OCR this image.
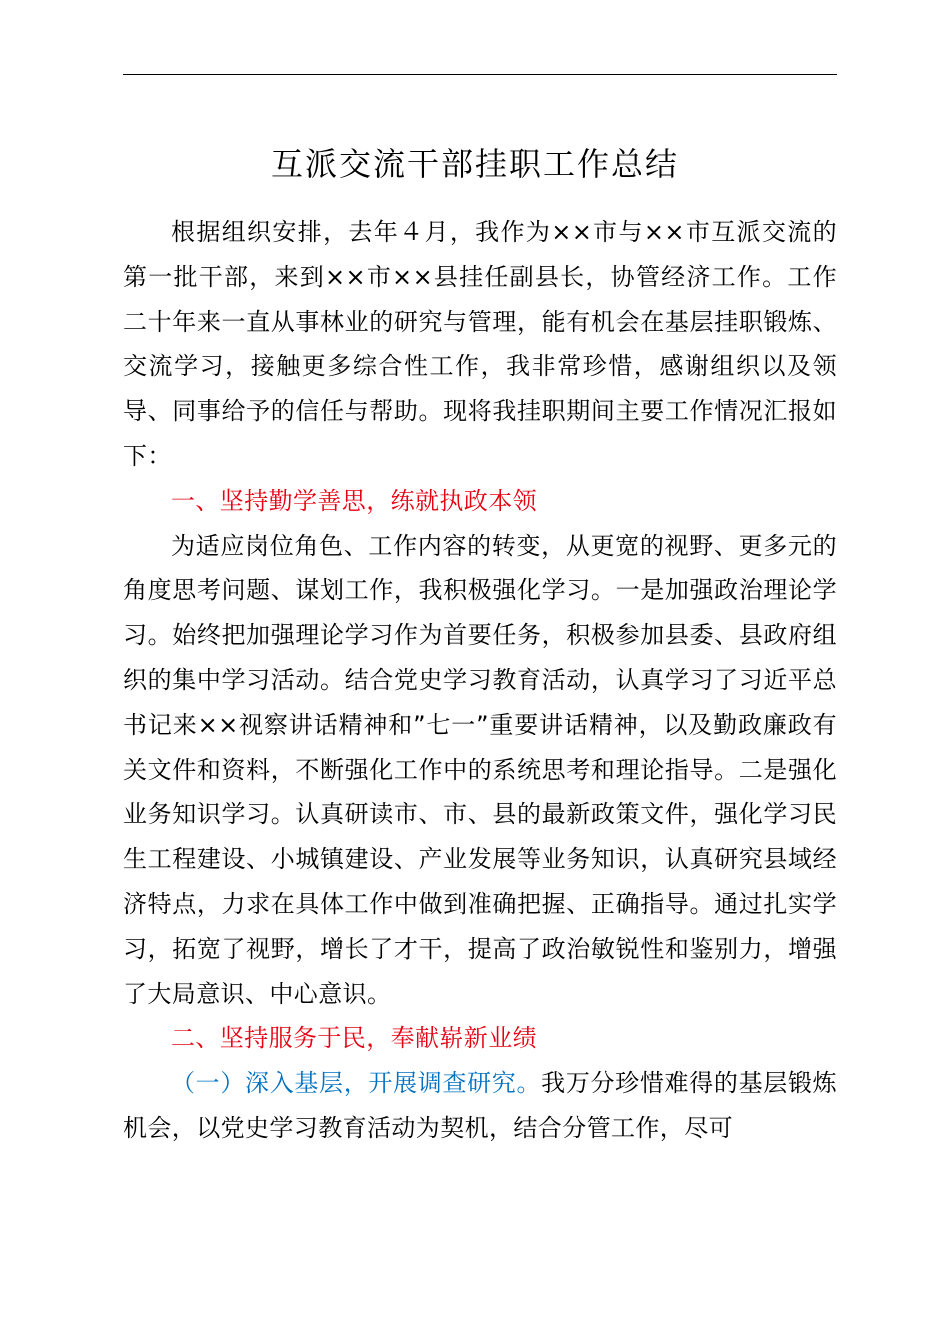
互派交流干部挂职工作总结

根据组织安排，去年４月，我作为××市与××市互派交流的第一批干部，来到××市××县挂任副县长，协管经济工作。工作二十年来一直从事林业的研究与管理，能有机会在基层挂职锻炼、交流学习，接触更多综合性工作，我非常珍惜，感谢组织以及领导、同事给予的信任与帮助。现将我挂职期间主要工作情况汇报如下：

一、坚持勤学善思，练就执政本领

为适应岗位角色、工作内容的转变，从更宽的视野、更多元的角度思考问题、谋划工作，我积极强化学习。一是加强政治理论学习。始终把加强理论学习作为首要任务，积极参加县委、县政府组织的集中学习活动。结合党史学习教育活动，认真学习了习近平总书记来××视察讲话精神和”七一”重要讲话精神，以及勤政廉政有关文件和资料，不断强化工作中的系统思考和理论指导。二是强化业务知识学习。认真研读市、市、县的最新政策文件，强化学习民生工程建设、小城镇建设、产业发展等业务知识，认真研究县域经济特点，力求在具体工作中做到准确把握、正确指导。通过扎实学习，拓宽了视野，增长了才干，提高了政治敏锐性和鉴别力，增强了大局意识、中心意识。

二、坚持服务于民，奉献崭新业绩

（一）深入基层，开展调查研究。我万分珍惜难得的基层锻炼机会，以党史学习教育活动为契机，结合分管工作，尽可
